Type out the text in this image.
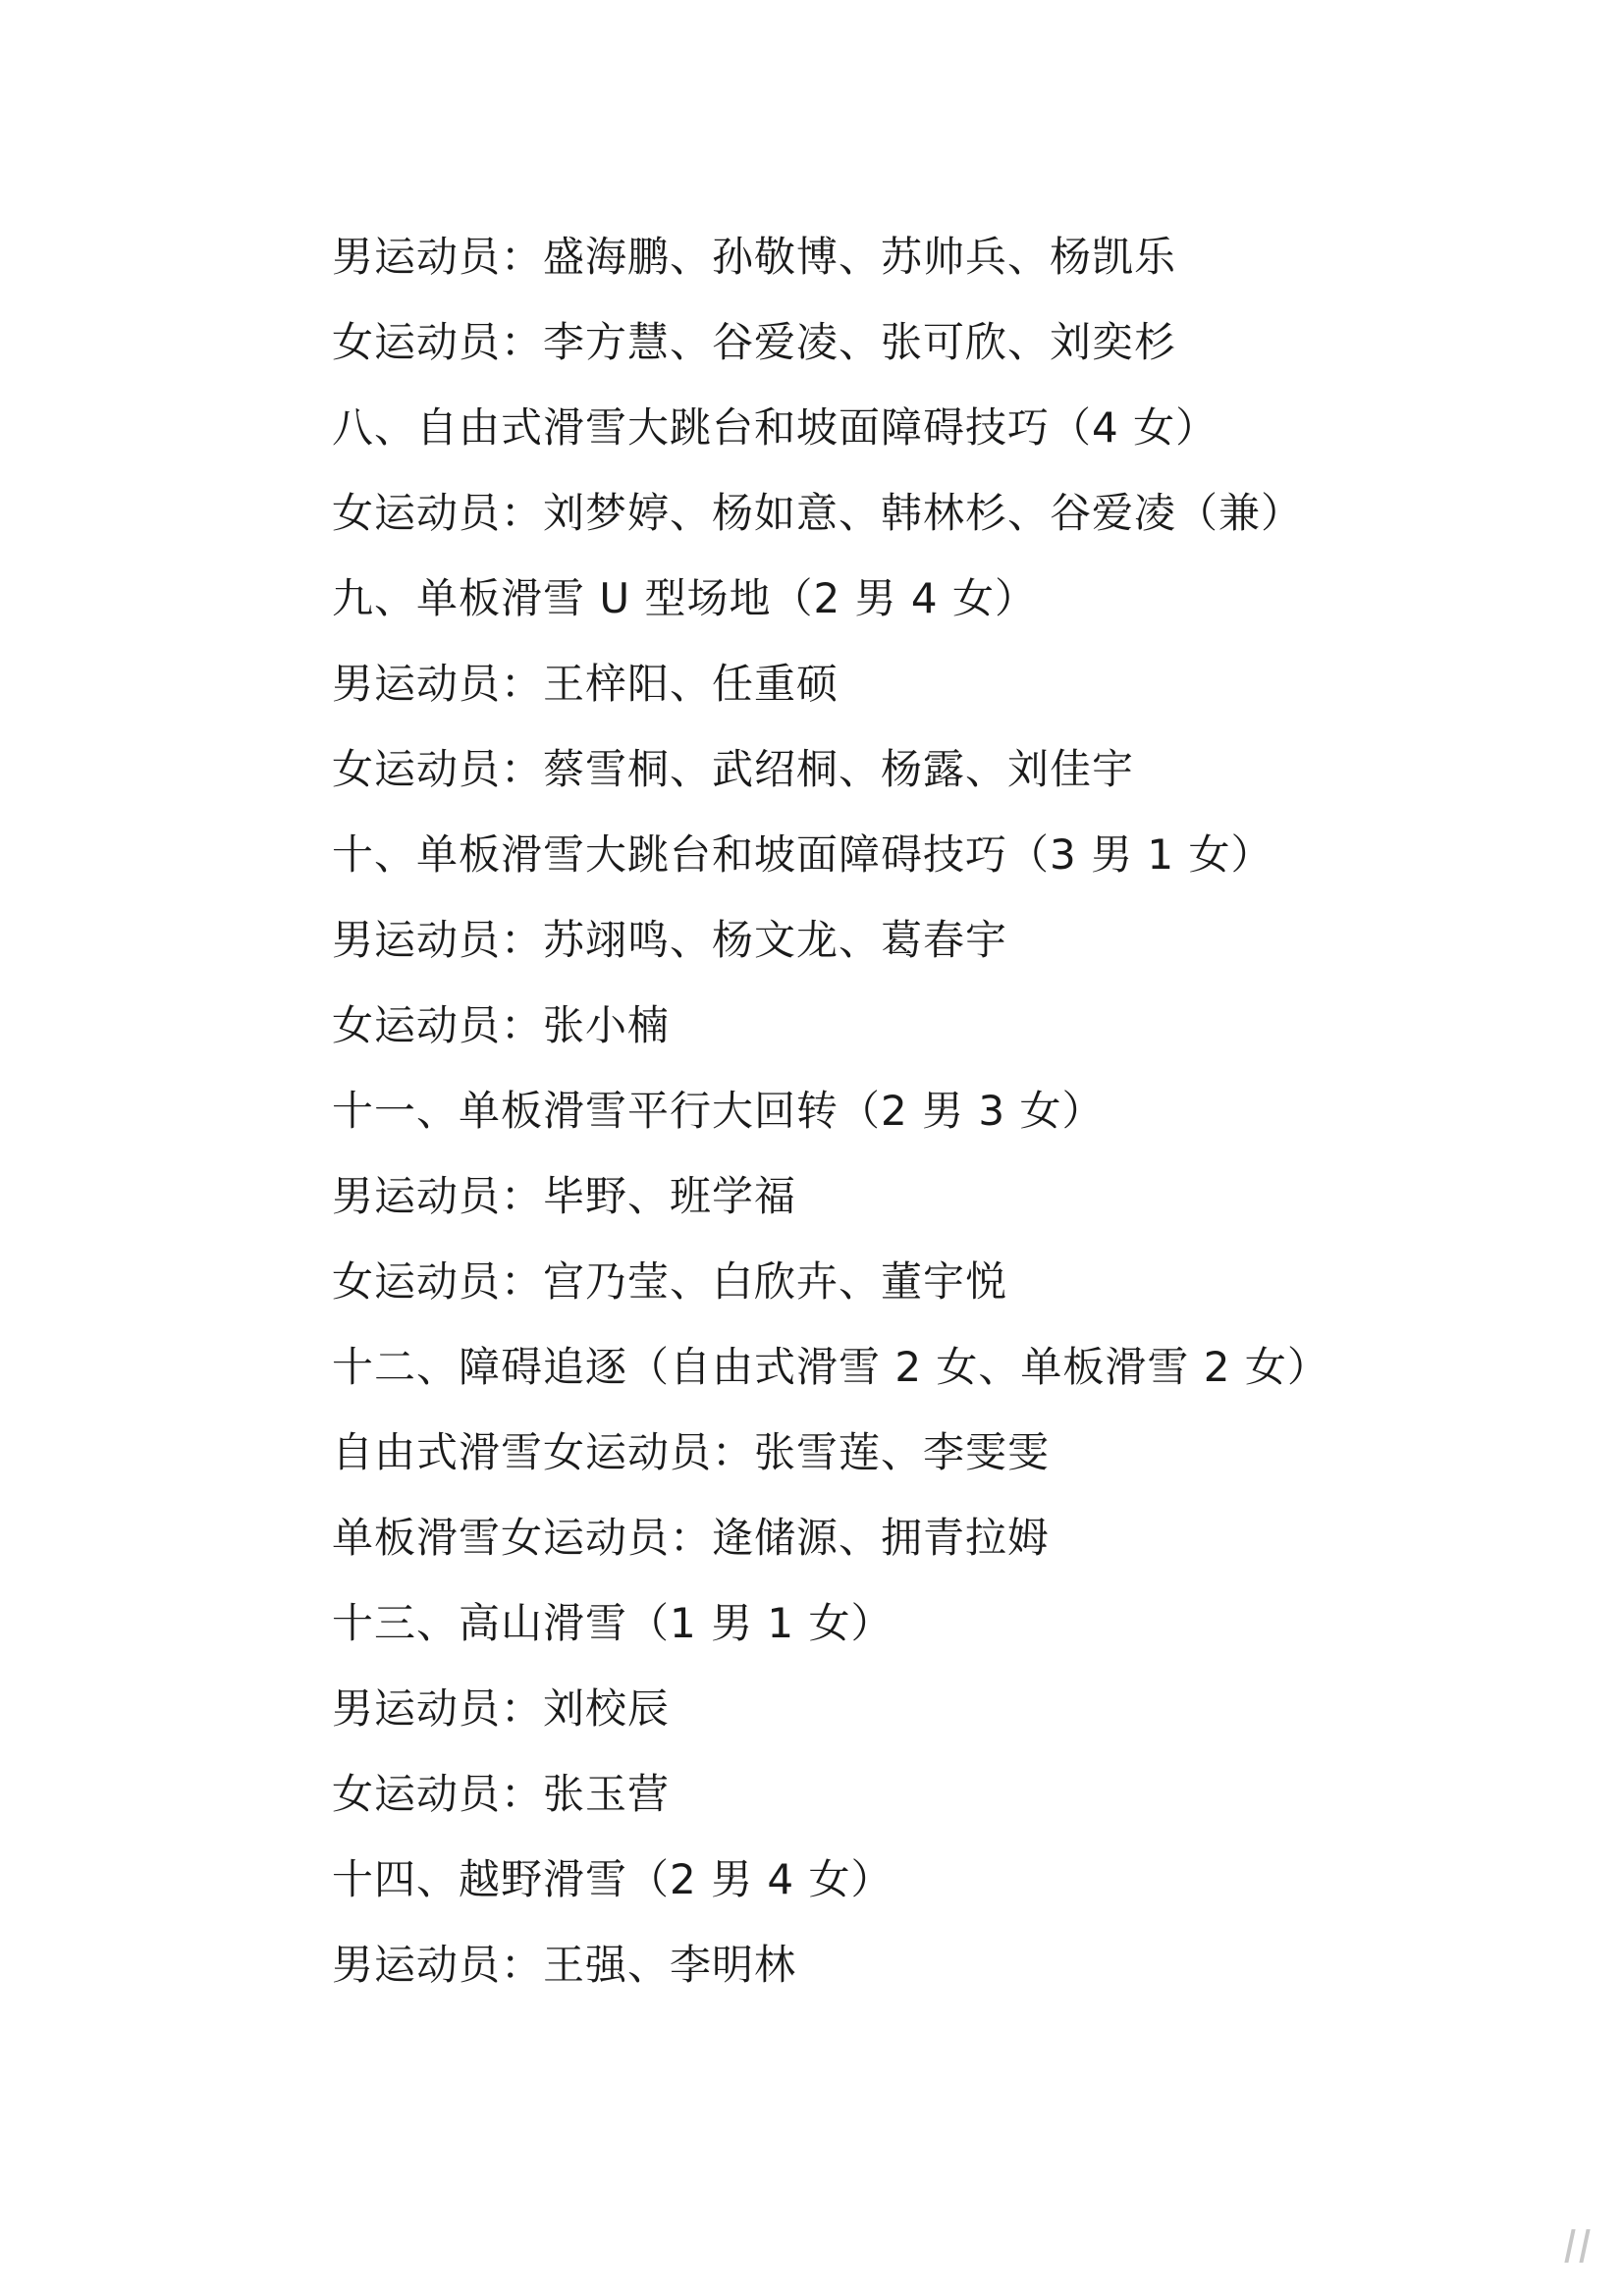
男运动员：盛海鹏、孙敬博、苏帅兵、杨凯乐
女运动员：李方慧、谷爱凌、张可欣、刘奕杉
八、自由式滑雪大跳台和坡面障碍技巧（4 女）
女运动员：刘梦婷、杨如意、韩林杉、谷爱凌（兼）
九、单板滑雪 U 型场地（2 男 4 女）
男运动员：王梓阳、任重硕
女运动员：蔡雪桐、武绍桐、杨露、刘佳宇
十、单板滑雪大跳台和坡面障碍技巧（3 男 1 女）
男运动员：苏翊鸣、杨文龙、葛春宇
女运动员：张小楠
十一、单板滑雪平行大回转（2 男 3 女）
男运动员：毕野、班学福
女运动员：宫乃莹、白欣卉、董宇悦
十二、障碍追逐（自由式滑雪 2 女、单板滑雪 2 女）
自由式滑雪女运动员：张雪莲、李雯雯
单板滑雪女运动员：逄储源、拥青拉姆
十三、高山滑雪（1 男 1 女）
男运动员：刘校辰
女运动员：张玉营
十四、越野滑雪（2 男 4 女）
男运动员：王强、李明林
